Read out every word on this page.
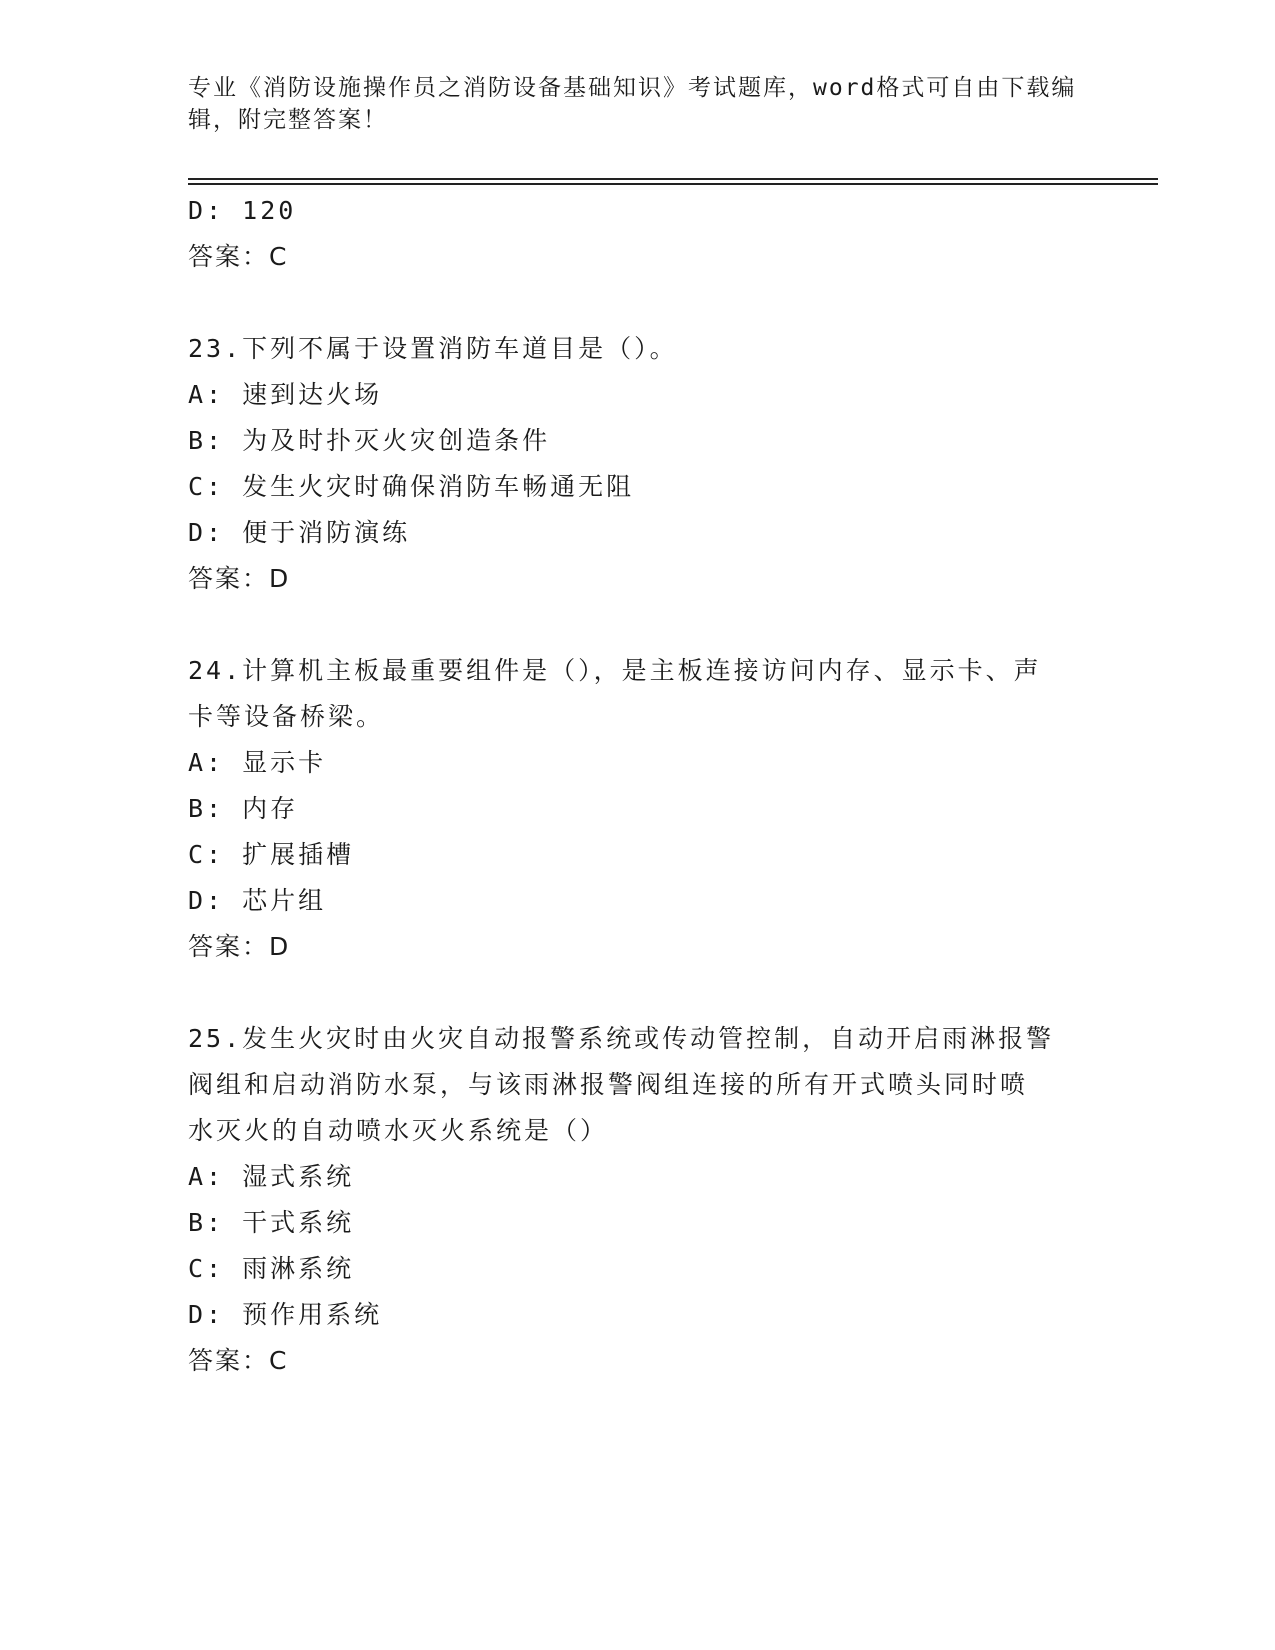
专业《消防设施操作员之消防设备基础知识》考试题库，word格式可自由下载编辑，附完整答案！
D: 120
答案：C
23.下列不属于设置消防车道目是（）。
A: 速到达火场
B: 为及时扑灭火灾创造条件
C: 发生火灾时确保消防车畅通无阻
D: 便于消防演练
答案：D
24.计算机主板最重要组件是（），是主板连接访问内存、显示卡、声
卡等设备桥梁。
A: 显示卡
B: 内存
C: 扩展插槽
D: 芯片组
答案：D
25.发生火灾时由火灾自动报警系统或传动管控制，自动开启雨淋报警
阀组和启动消防水泵，与该雨淋报警阀组连接的所有开式喷头同时喷
水灭火的自动喷水灭火系统是（）
A: 湿式系统
B: 干式系统
C: 雨淋系统
D: 预作用系统
答案：C
